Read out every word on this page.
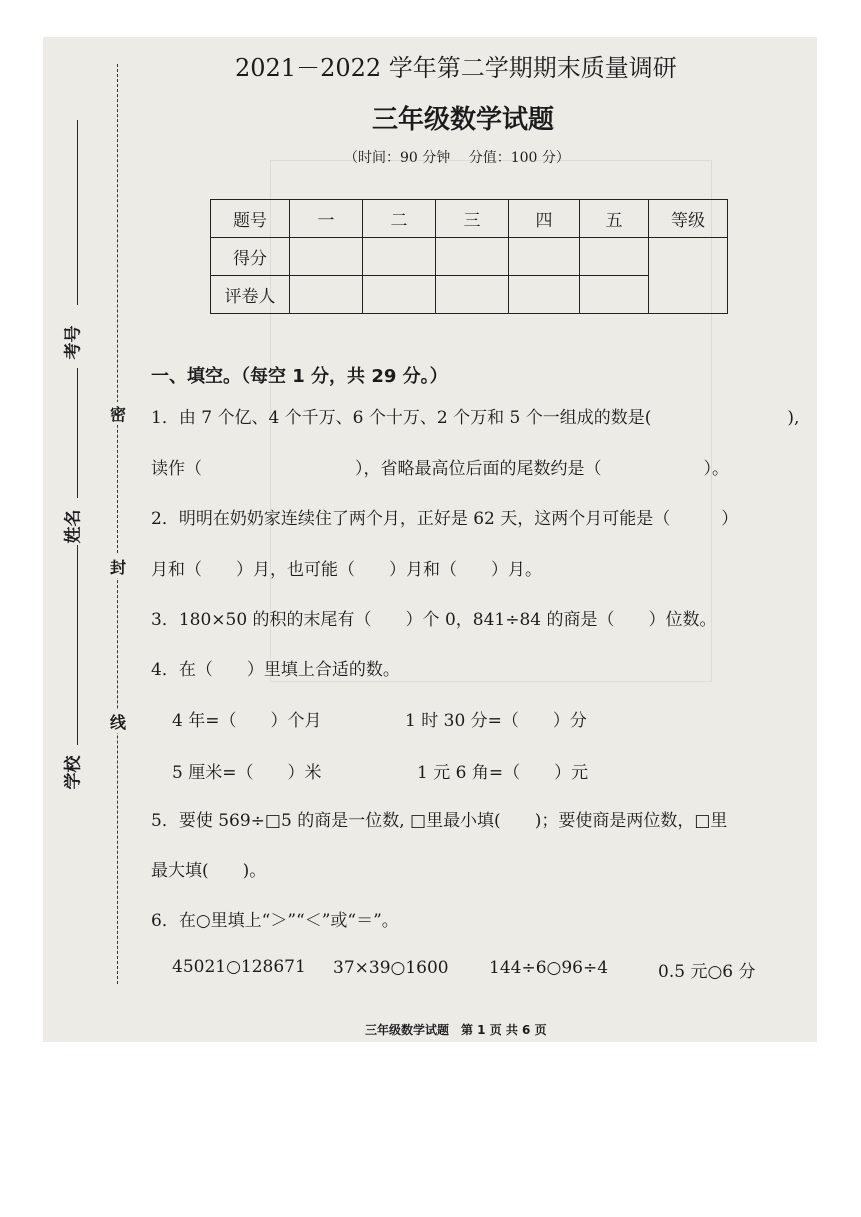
考号
姓名
学校
密
封
线
2021－2022 学年第二学期期末质量调研
三年级数学试题
（时间：90 分钟　 分值：100 分）
题号	一	二	三	四	五	等级
得分						
评卷人						
一、填空。（每空 1 分，共 29 分。）
1．由 7 个亿、4 个千万、6 个十万、2 个万和 5 个一组成的数是(　　　　　　　　),
读作（　　　　　　　　　），省略最高位后面的尾数约是（　　　　　　）。
2．明明在奶奶家连续住了两个月，正好是 62 天，这两个月可能是（　　　）
月和（　　）月，也可能（　　）月和（　　）月。
3．180×50 的积的末尾有（　　）个 0，841÷84 的商是（　　）位数。
4．在（　　）里填上合适的数。
4 年=（　　）个月	1 时 30 分=（　　）分
5 厘米=（　　）米	1 元 6 角=（　　）元
5．要使 569÷□5 的商是一位数, □里最小填(　　)；要使商是两位数，□里
最大填(　　)。
6．在○里填上“＞”“＜”或“＝”。
45021○128671 37×39○1600 144÷6○96÷4	0.5 元○6 分
三年级数学试题　第 1 页 共 6 页
